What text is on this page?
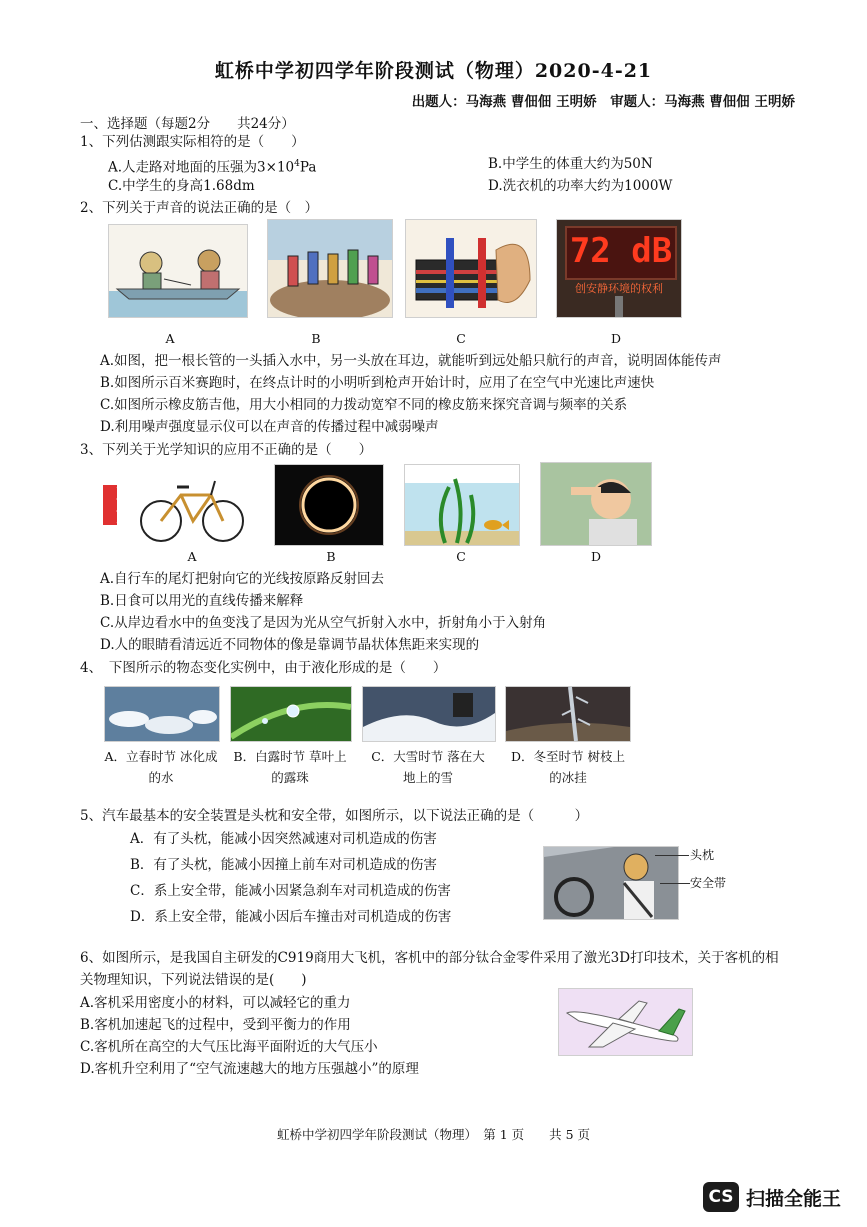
虹桥中学初四学年阶段测试（物理）2020-4-21
出题人：马海燕 曹佃佃 王明娇　审题人：马海燕 曹佃佃 王明娇
一、选择题（每题2分　　共24分）
1、下列估测跟实际相符的是（　　）
A.人走路对地面的压强为$3\times 10^4Pa$	B.中学生的体重大约为50N
C.中学生的身高1.68dm	D.洗衣机的功率大约为1000W
2、下列关于声音的说法正确的是（　）
72 dB
创安静环境的权利
A	B	C	D
A.如图，把一根长管的一头插入水中，另一头放在耳边，就能听到远处船只航行的声音，说明固体能传声
B.如图所示百米赛跑时，在终点计时的小明听到枪声开始计时，应用了在空气中光速比声速快
C.如图所示橡皮筋吉他，用大小相同的力拨动宽窄不同的橡皮筋来探究音调与频率的关系
D.利用噪声强度显示仪可以在声音的传播过程中减弱噪声
3、下列关于光学知识的应用不正确的是（　　）
A	B	C	D
A.自行车的尾灯把射向它的光线按原路反射回去
B.日食可以用光的直线传播来解释
C.从岸边看水中的鱼变浅了是因为光从空气折射入水中，折射角小于入射角
D.人的眼睛看清远近不同物体的像是靠调节晶状体焦距来实现的
4、　下图所示的物态变化实例中，由于液化形成的是（　　）
A．立春时节 冰化成的水
B．白露时节 草叶上的露珠
C．大雪时节 落在大地上的雪
D．冬至时节 树枝上的冰挂
5、汽车最基本的安全装置是头枕和安全带，如图所示，以下说法正确的是（　　　）
A．有了头枕，能减小因突然减速对司机造成的伤害
B．有了头枕，能减小因撞上前车对司机造成的伤害
C．系上安全带，能减小因紧急刹车对司机造成的伤害
D．系上安全带，能减小因后车撞击对司机造成的伤害
头枕
安全带
6、如图所示，是我国自主研发的C919商用大飞机，客机中的部分钛合金零件采用了激光3D打印技术，关于客机的相
关物理知识，下列说法错误的是(　　)
A.客机采用密度小的材料，可以减轻它的重力
B.客机加速起飞的过程中，受到平衡力的作用
C.客机所在高空的大气压比海平面附近的大气压小
D.客机升空利用了“空气流速越大的地方压强越小”的原理
虹桥中学初四学年阶段测试（物理）　第 1 页　　共 5 页
CS 扫描全能王
